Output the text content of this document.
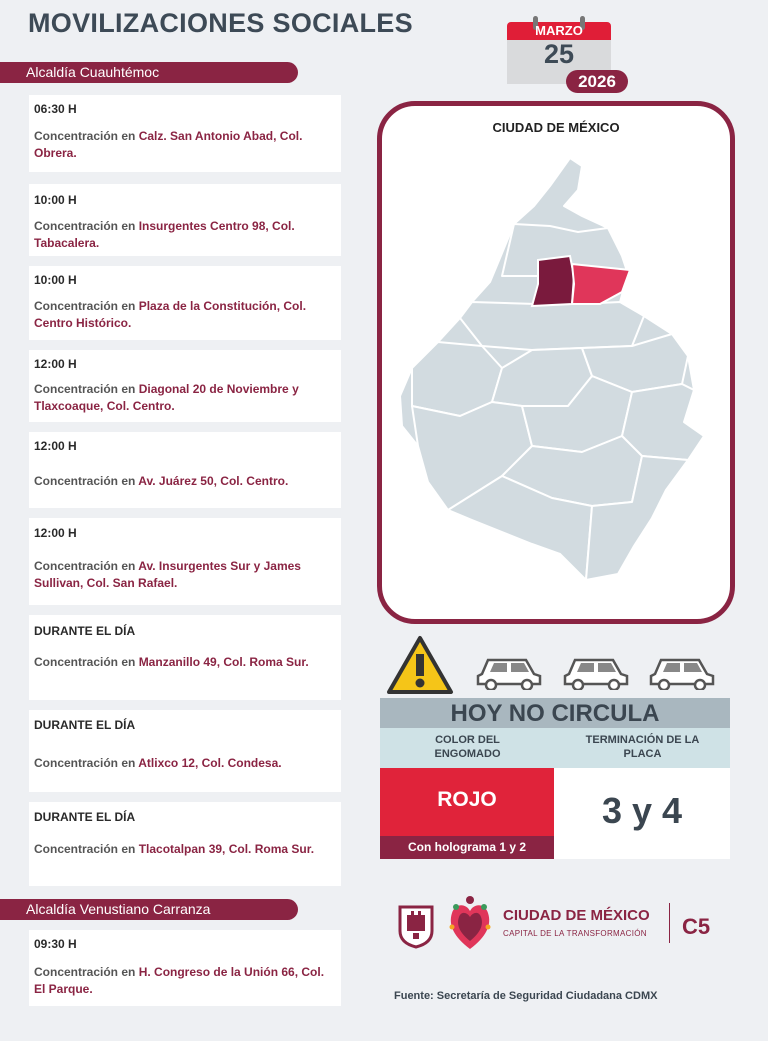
MOVILIZACIONES SOCIALES	MARZO
25
2026
Alcaldía Cuauhtémoc
06:30 H
Concentración en Calz. San Antonio Abad, Col. Obrera.
10:00 H
Concentración en Insurgentes Centro 98, Col. Tabacalera.
10:00 H
Concentración en Plaza de la Constitución, Col. Centro Histórico.
12:00 H
Concentración en Diagonal 20 de Noviembre y Tlaxcoaque, Col. Centro.
12:00 H
Concentración en Av. Juárez 50, Col. Centro.
12:00 H
Concentración en Av. Insurgentes Sur y James Sullivan, Col. San Rafael.
DURANTE EL DÍA
Concentración en Manzanillo 49, Col. Roma Sur.
DURANTE EL DÍA
Concentración en Atlixco 12, Col. Condesa.
DURANTE EL DÍA
Concentración en Tlacotalpan 39, Col. Roma Sur.
Alcaldía Venustiano Carranza
09:30 H
Concentración en H. Congreso de la Unión 66, Col. El Parque.
CIUDAD DE MÉXICO
HOY NO CIRCULA
COLOR DEL ENGOMADO
TERMINACIÓN DE LA PLACA
ROJO
Con holograma 1 y 2
3 y 4
CIUDAD DE MÉXICO
CAPITAL DE LA TRANSFORMACIÓN C5
Fuente: Secretaría de Seguridad Ciudadana CDMX
